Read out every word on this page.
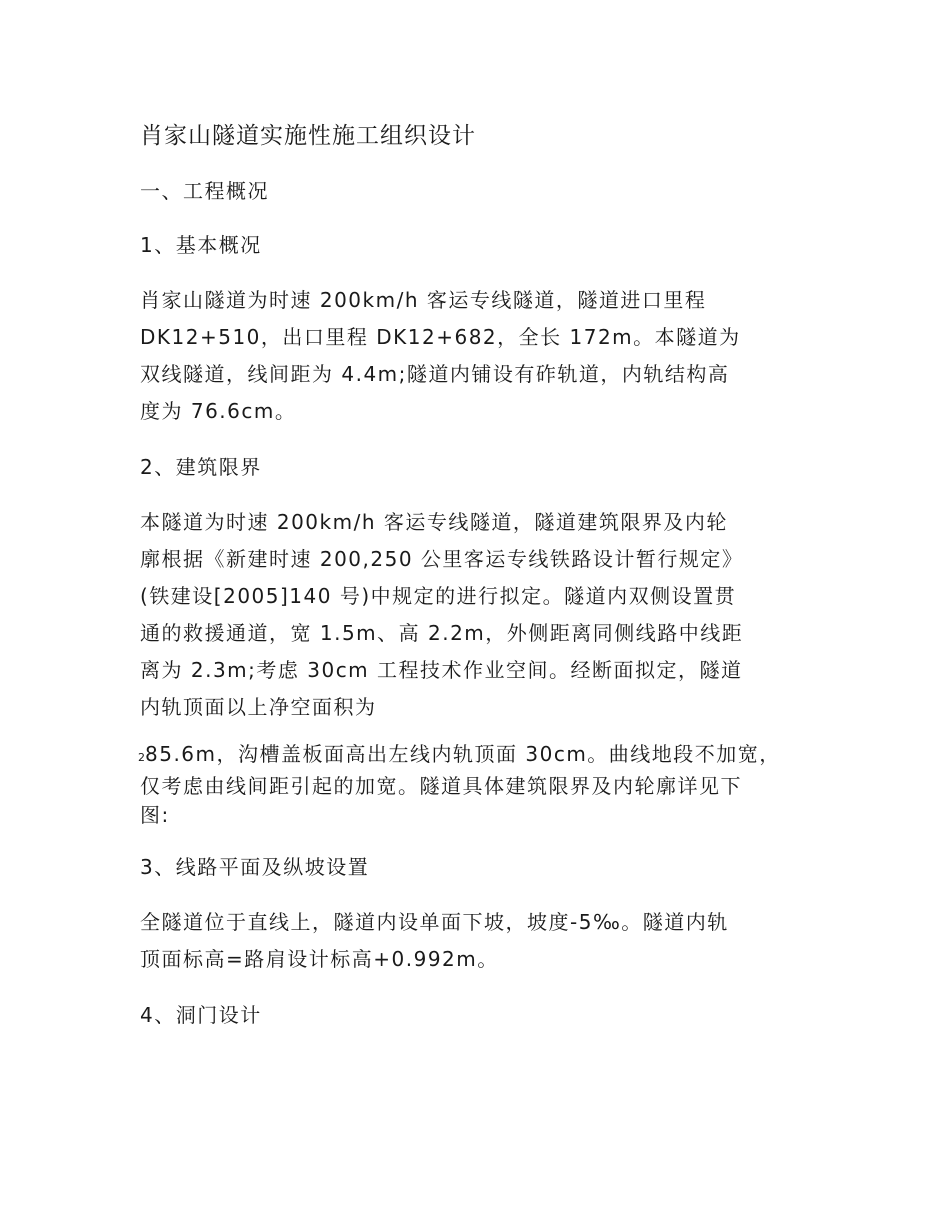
肖家山隧道实施性施工组织设计
一、工程概况
1、基本概况

肖家山隧道为时速 200km/h 客运专线隧道，隧道进口里程
DK12+510，出口里程 DK12+682，全长 172m。本隧道为
双线隧道，线间距为 4.4m;隧道内铺设有砟轨道，内轨结构高
度为 76.6cm。

2、建筑限界

本隧道为时速 200km/h 客运专线隧道，隧道建筑限界及内轮
廓根据《新建时速 200,250 公里客运专线铁路设计暂行规定》
(铁建设[2005]140 号)中规定的进行拟定。隧道内双侧设置贯
通的救援通道，宽 1.5m、高 2.2m，外侧距离同侧线路中线距
离为 2.3m;考虑 30cm 工程技术作业空间。经断面拟定，隧道
内轨顶面以上净空面积为

285.6m，沟槽盖板面高出左线内轨顶面 30cm。曲线地段不加宽，
仅考虑由线间距引起的加宽。隧道具体建筑限界及内轮廓详见下
图:

3、线路平面及纵坡设置

全隧道位于直线上，隧道内设单面下坡，坡度-5‰。隧道内轨
顶面标高=路肩设计标高+0.992m。

4、洞门设计
